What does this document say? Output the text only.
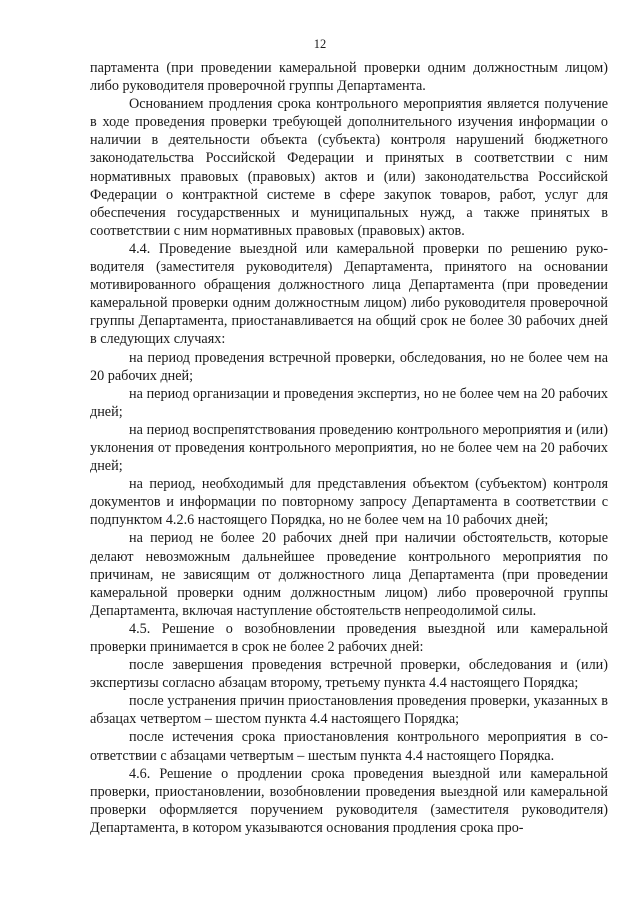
12

партамента (при проведении камеральной проверки одним должностным лицом) либо руководителя проверочной группы Департамента.

Основанием продления срока контрольного мероприятия является получение в ходе проведения проверки требующей дополнительного изучения информации о наличии в деятельности объекта (субъекта) контроля нарушений бюджетного законодательства Российской Федерации и принятых в соответствии с ним нормативных правовых (правовых) актов и (или) законодательства Российской Федерации о контрактной системе в сфере закупок товаров, работ, услуг для обеспечения государственных и муниципальных нужд, а также принятых в соответствии с ним нормативных правовых (правовых) актов.

4.4. Проведение выездной или камеральной проверки по решению руководителя (заместителя руководителя) Департамента, принятого на основании мотивированного обращения должностного лица Департамента (при проведении камеральной проверки одним должностным лицом) либо руководителя проверочной группы Департамента, приостанавливается на общий срок не более 30 рабочих дней в следующих случаях:

на период проведения встречной проверки, обследования, но не более чем на 20 рабочих дней;

на период организации и проведения экспертиз, но не более чем на 20 рабочих дней;

на период воспрепятствования проведению контрольного мероприятия и (или) уклонения от проведения контрольного мероприятия, но не более чем на 20 рабочих дней;

на период, необходимый для представления объектом (субъектом) контроля документов и информации по повторному запросу Департамента в соответствии с подпунктом 4.2.6 настоящего Порядка, но не более чем на 10 рабочих дней;

на период не более 20 рабочих дней при наличии обстоятельств, которые делают невозможным дальнейшее проведение контрольного мероприятия по причинам, не зависящим от должностного лица Департамента (при проведении камеральной проверки одним должностным лицом) либо проверочной группы Департамента, включая наступление обстоятельств непреодолимой силы.

4.5. Решение о возобновлении проведения выездной или камеральной проверки принимается в срок не более 2 рабочих дней:

после завершения проведения встречной проверки, обследования и (или) экспертизы согласно абзацам второму, третьему пункта 4.4 настоящего Порядка;

после устранения причин приостановления проведения проверки, указанных в абзацах четвертом – шестом пункта 4.4 настоящего Порядка;

после истечения срока приостановления контрольного мероприятия в соответствии с абзацами четвертым – шестым пункта 4.4 настоящего Порядка.

4.6. Решение о продлении срока проведения выездной или камеральной проверки, приостановлении, возобновлении проведения выездной или камеральной проверки оформляется поручением руководителя (заместителя руководителя) Департамента, в котором указываются основания продления срока про-
